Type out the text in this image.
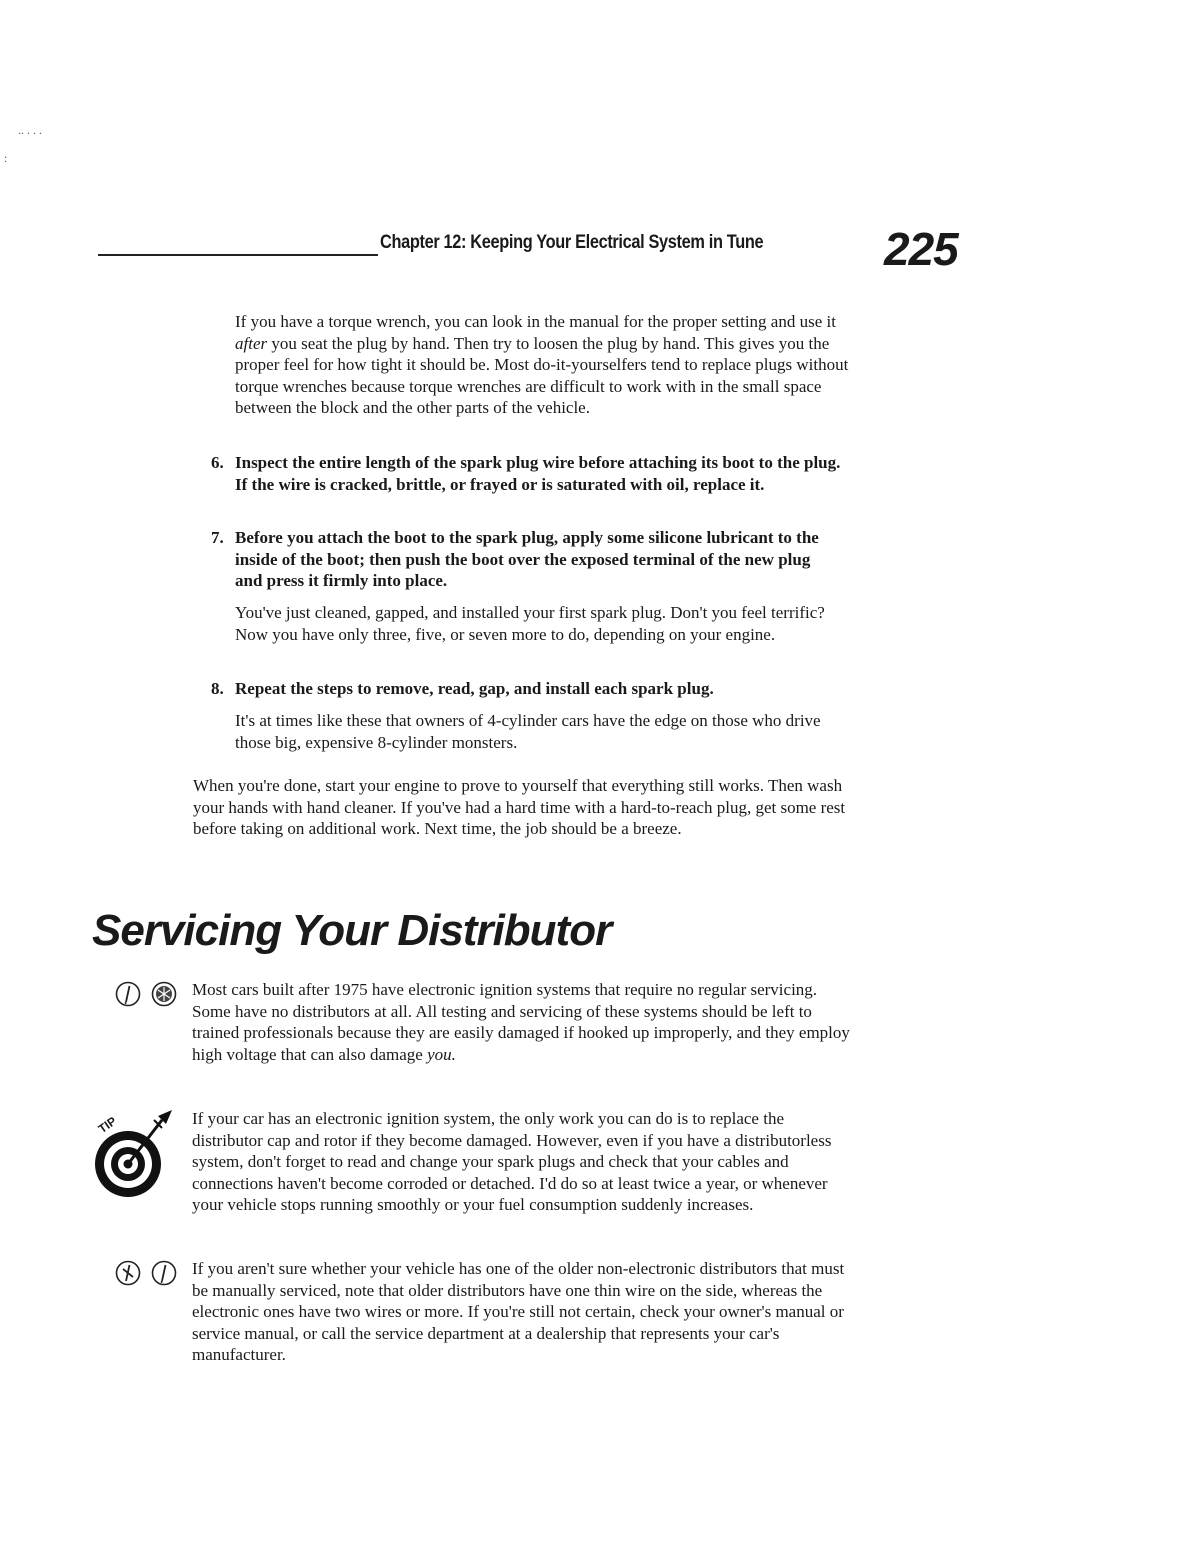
.. . . .
:
Chapter 12: Keeping Your Electrical System in Tune	225

If you have a torque wrench, you can look in the manual for the proper setting and use it after you seat the plug by hand. Then try to loosen the plug by hand. This gives you the proper feel for how tight it should be. Most do-it-yourselfers tend to replace plugs without torque wrenches because torque wrenches are difficult to work with in the small space between the block and the other parts of the vehicle.

6. Inspect the entire length of the spark plug wire before attaching its boot to the plug. If the wire is cracked, brittle, or frayed or is saturated with oil, replace it.
7. Before you attach the boot to the spark plug, apply some silicone lubricant to the inside of the boot; then push the boot over the exposed terminal of the new plug and press it firmly into place.

You've just cleaned, gapped, and installed your first spark plug. Don't you feel terrific? Now you have only three, five, or seven more to do, depending on your engine.

8. Repeat the steps to remove, read, gap, and install each spark plug.

It's at times like these that owners of 4-cylinder cars have the edge on those who drive those big, expensive 8-cylinder monsters.

When you're done, start your engine to prove to yourself that everything still works. Then wash your hands with hand cleaner. If you've had a hard time with a hard-to-reach plug, get some rest before taking on additional work. Next time, the job should be a breeze.

Servicing Your Distributor

Most cars built after 1975 have electronic ignition systems that require no regular servicing. Some have no distributors at all. All testing and servicing of these systems should be left to trained professionals because they are easily damaged if hooked up improperly, and they employ high voltage that can also damage you.

TIP	If your car has an electronic ignition system, the only work you can do is to replace the distributor cap and rotor if they become damaged. However, even if you have a distributorless system, don't forget to read and change your spark plugs and check that your cables and connections haven't become corroded or detached. I'd do so at least twice a year, or whenever your vehicle stops running smoothly or your fuel consumption suddenly increases.

If you aren't sure whether your vehicle has one of the older non-electronic distributors that must be manually serviced, note that older distributors have one thin wire on the side, whereas the electronic ones have two wires or more. If you're still not certain, check your owner's manual or service manual, or call the service department at a dealership that represents your car's manufacturer.
